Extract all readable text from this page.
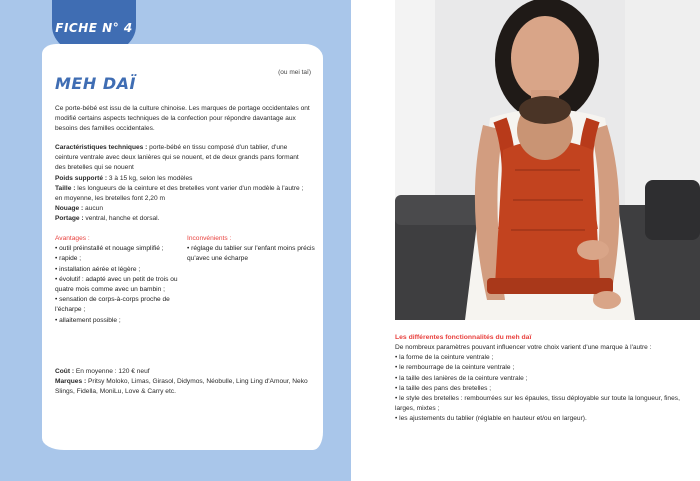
FICHE N° 4
MEH DAÏ
(ou mei taï)

Ce porte-bébé est issu de la culture chinoise. Les marques de portage occidentales ont modifié certains aspects techniques de la confection pour répondre davantage aux besoins des familles occidentales.

Caractéristiques techniques : porte-bébé en tissu composé d'un tablier, d'une ceinture ventrale avec deux lanières qui se nouent, et de deux grands pans formant des bretelles qui se nouent
Poids supporté : 3 à 15 kg, selon les modèles
Taille : les longueurs de la ceinture et des bretelles vont varier d'un modèle à l'autre ; en moyenne, les bretelles font 2,20 m
Nouage : aucun
Portage : ventral, hanche et dorsal.
Avantages :
• outil préinstallé et nouage simplifié ;
• rapide ;
• installation aérée et légère ;
• évolutif : adapté avec un petit de trois ou quatre mois comme avec un bambin ;
• sensation de corps-à-corps proche de l'écharpe ;
• allaitement possible ;
Inconvénients :
• réglage du tablier sur l'enfant moins précis qu'avec une écharpe
Coût : En moyenne : 120 € neuf
Marques : Pritsy Moloko, Limas, Girasol, Didymos, Néobulle, Ling Ling d'Amour, Neko Slings, Fidella, MoniLu, Love & Carry etc.
Les différentes fonctionnalités du meh daï
De nombreux paramètres pouvant influencer votre choix varient d'une marque à l'autre :
• la forme de la ceinture ventrale ;
• le rembourrage de la ceinture ventrale ;
• la taille des lanières de la ceinture ventrale ;
• la taille des pans des bretelles ;
• le style des bretelles : rembourrées sur les épaules, tissu déployable sur toute la longueur, fines, larges, mixtes ;
• les ajustements du tablier (réglable en hauteur et/ou en largeur).
